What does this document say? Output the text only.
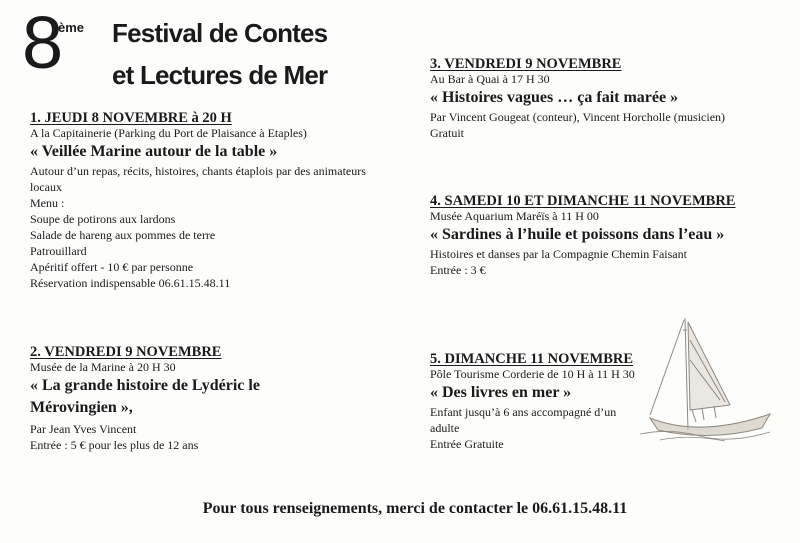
8
ème Festival de Contes
et Lectures de Mer
1. JEUDI 8 NOVEMBRE à 20 H
A la Capitainerie (Parking du Port de Plaisance à Etaples)
« Veillée Marine autour de la table »
Autour d’un repas, récits, histoires, chants étaplois par des animateurs locaux
Menu :
Soupe de potirons aux lardons
Salade de hareng aux pommes de terre
Patrouillard
Apéritif offert - 10 € par personne
Réservation indispensable 06.61.15.48.11
2. VENDREDI 9 NOVEMBRE
Musée de la Marine à 20 H 30
« La grande histoire de Lydéric le Mérovingien »,
Par Jean Yves Vincent
Entrée : 5 € pour les plus de 12 ans
3. VENDREDI 9 NOVEMBRE
Au Bar à Quai à 17 H 30
« Histoires vagues … ça fait marée »
Par Vincent Gougeat (conteur), Vincent Horcholle (musicien)
Gratuit
4. SAMEDI 10 ET DIMANCHE 11 NOVEMBRE
Musée Aquarium Maréïs à 11 H 00
« Sardines à l’huile et poissons dans l’eau »
Histoires et danses par la Compagnie Chemin Faisant
Entrée : 3 €
5. DIMANCHE 11 NOVEMBRE
Pôle Tourisme Corderie de 10 H à 11 H 30
« Des livres en mer »
Enfant jusqu’à 6 ans accompagné d’un adulte
Entrée Gratuite
Pour tous renseignements, merci de contacter le 06.61.15.48.11
